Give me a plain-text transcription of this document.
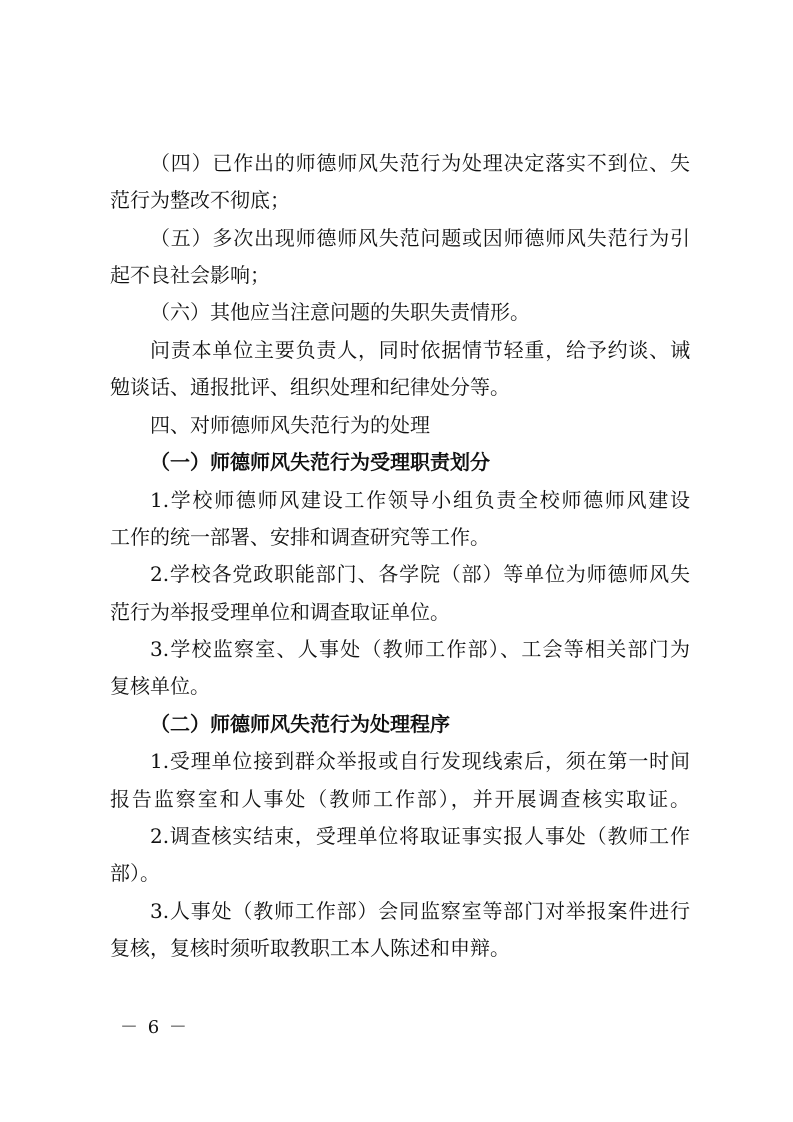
（四）已作出的师德师风失范行为处理决定落实不到位、失
范行为整改不彻底；
（五）多次出现师德师风失范问题或因师德师风失范行为引
起不良社会影响；
（六）其他应当注意问题的失职失责情形。
问责本单位主要负责人，同时依据情节轻重，给予约谈、诫
勉谈话、通报批评、组织处理和纪律处分等。
四、对师德师风失范行为的处理
（一）师德师风失范行为受理职责划分
1.学校师德师风建设工作领导小组负责全校师德师风建设
工作的统一部署、安排和调查研究等工作。
2.学校各党政职能部门、各学院（部）等单位为师德师风失
范行为举报受理单位和调查取证单位。
3.学校监察室、人事处（教师工作部）、工会等相关部门为
复核单位。
（二）师德师风失范行为处理程序
1.受理单位接到群众举报或自行发现线索后，须在第一时间
报告监察室和人事处（教师工作部），并开展调查核实取证。
2.调查核实结束，受理单位将取证事实报人事处（教师工作
部）。
3.人事处（教师工作部）会同监察室等部门对举报案件进行
复核，复核时须听取教职工本人陈述和申辩。
－ 6 －
